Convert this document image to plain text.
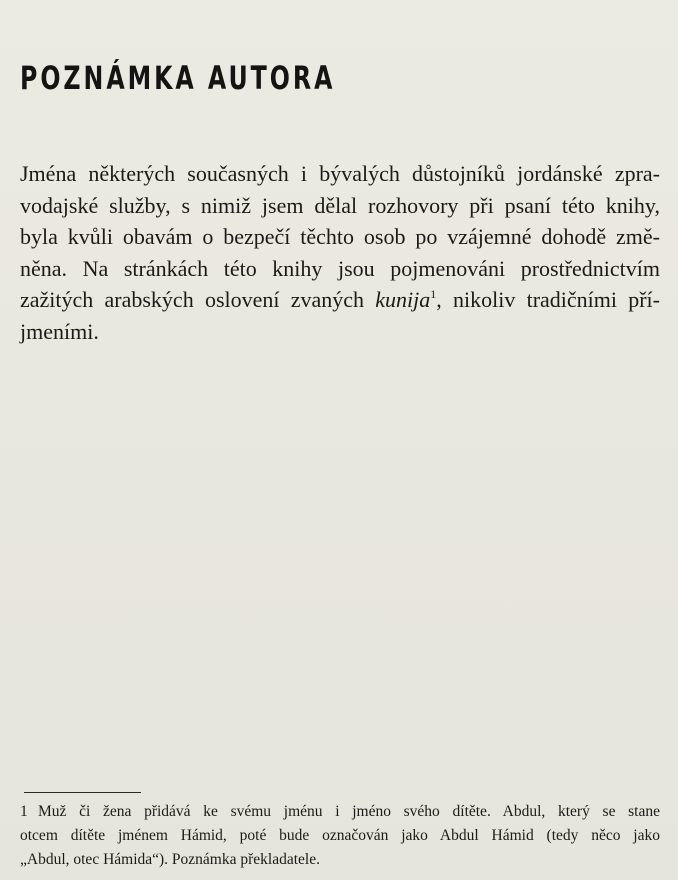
POZNÁMKA AUTORA
Jména některých současných i bývalých důstojníků jordánské zpra-
vodajské služby, s nimiž jsem dělal rozhovory při psaní této knihy,
byla kvůli obavám o bezpečí těchto osob po vzájemné dohodě změ-
něna. Na stránkách této knihy jsou pojmenováni prostřednictvím
zažitých arabských oslovení zvaných kunija$^1$, nikoliv tradičními pří-
jmeními.
1 Muž či žena přidává ke svému jménu i jméno svého dítěte. Abdul, který se stane
otcem dítěte jménem Hámid, poté bude označován jako Abdul Hámid (tedy něco jako
„Abdul, otec Hámida“). Poznámka překladatele.
